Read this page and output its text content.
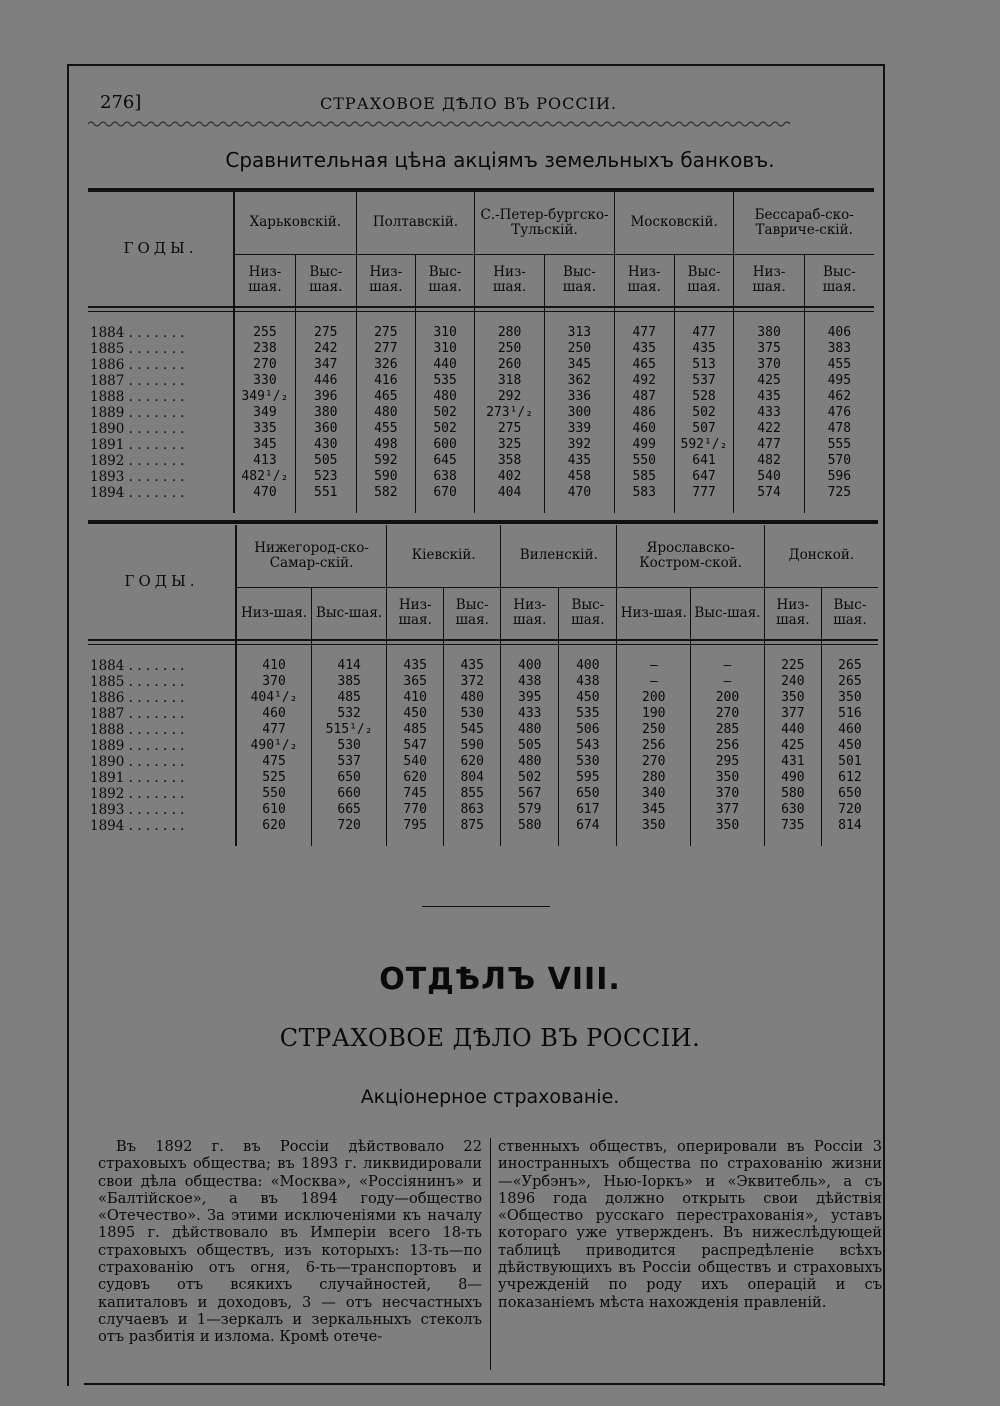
276]	СТРАХОВОЕ ДѢЛО ВЪ РОССІИ.
Сравнительная цѣна акціямъ земельныхъ банковъ.
ГОДЫ.	Харьковскій.		Полтавскій.		С.-Петер-бургско-Тульскій.		Московскій.		Бессараб-ско-Тавриче-скій.	
	Низ-шая.	Выс-шая.	Низ-шая.	Выс-шая.	Низ-шая.	Выс-шая.	Низ-шая.	Выс-шая.	Низ-шая.	Выс-шая.

1884 . . . . . . .	255	275	275	310	280	313	477	477	380	406
1885 . . . . . . .	238	242	277	310	250	250	435	435	375	383
1886 . . . . . . .	270	347	326	440	260	345	465	513	370	455
1887 . . . . . . .	330	446	416	535	318	362	492	537	425	495
1888 . . . . . . .	349¹/₂	396	465	480	292	336	487	528	435	462
1889 . . . . . . .	349	380	480	502	273¹/₂	300	486	502	433	476
1890 . . . . . . .	335	360	455	502	275	339	460	507	422	478
1891 . . . . . . .	345	430	498	600	325	392	499	592¹/₂	477	555
1892 . . . . . . .	413	505	592	645	358	435	550	641	482	570
1893 . . . . . . .	482¹/₂	523	590	638	402	458	585	647	540	596
1894 . . . . . . .	470	551	582	670	404	470	583	777	574	725

ГОДЫ.	Нижегород-ско-Самар-скій.		Кіевскій.		Виленскій.		Ярославско-Костром-ской.		Донской.	
	Низ-шая.	Выс-шая.	Низ-шая.	Выс-шая.	Низ-шая.	Выс-шая.	Низ-шая.	Выс-шая.	Низ-шая.	Выс-шая.

1884 . . . . . . .	410	414	435	435	400	400	—	—	225	265
1885 . . . . . . .	370	385	365	372	438	438	—	—	240	265
1886 . . . . . . .	404¹/₂	485	410	480	395	450	200	200	350	350
1887 . . . . . . .	460	532	450	530	433	535	190	270	377	516
1888 . . . . . . .	477	515¹/₂	485	545	480	506	250	285	440	460
1889 . . . . . . .	490¹/₂	530	547	590	505	543	256	256	425	450
1890 . . . . . . .	475	537	540	620	480	530	270	295	431	501
1891 . . . . . . .	525	650	620	804	502	595	280	350	490	612
1892 . . . . . . .	550	660	745	855	567	650	340	370	580	650
1893 . . . . . . .	610	665	770	863	579	617	345	377	630	720
1894 . . . . . . .	620	720	795	875	580	674	350	350	735	814

ОТДѢЛЪ VIII.
СТРАХОВОЕ ДѢЛО ВЪ РОССІИ.
Акціонерное страхованіе.
Въ 1892 г. въ Россіи дѣйствовало 22 страховыхъ общества; въ 1893 г. ликвидировали свои дѣла общества: «Москва», «Россіянинъ» и «Балтійское», а въ 1894 году—общество «Отечество». За этими исключеніями къ началу 1895 г. дѣйствовало въ Имперіи всего 18-ть страховыхъ обществъ, изъ которыхъ: 13-ть—по страхованію отъ огня, 6-ть—транспортовъ и судовъ отъ всякихъ случайностей, 8—капиталовъ и доходовъ, 3 — отъ несчастныхъ случаевъ и 1—зеркалъ и зеркальныхъ стеколъ отъ разбитія и излома. Кромѣ отече-
ственныхъ обществъ, оперировали въ Россіи 3 иностранныхъ общества по страхованію жизни—«Урбэнъ», Нью-Іоркъ» и «Эквитебль», а съ 1896 года должно открыть свои дѣйствія «Общество русскаго перестрахованія», уставъ котораго уже утвержденъ. Въ нижеслѣдующей таблицѣ приводится распредѣленіе всѣхъ дѣйствующихъ въ Россіи обществъ и страховыхъ учрежденій по роду ихъ операцій и съ показаніемъ мѣста нахожденія правленій.
